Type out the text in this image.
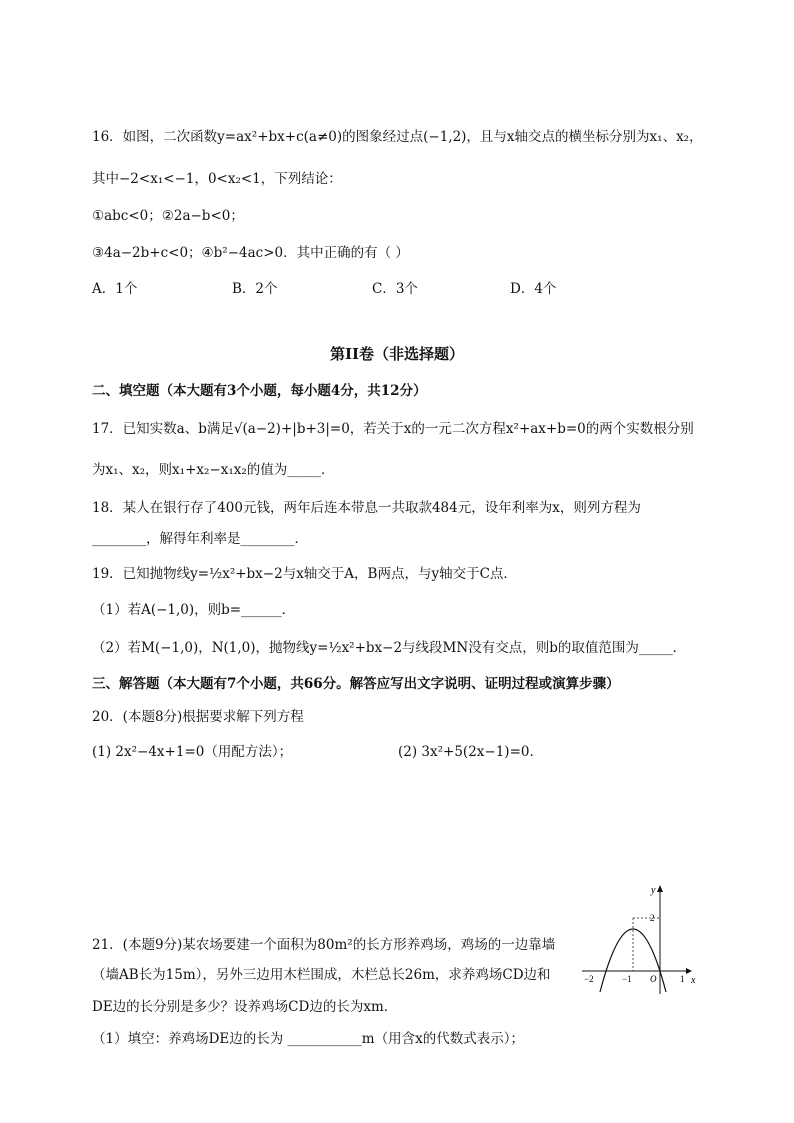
16．如图，二次函数y=ax²+bx+c(a≠0)的图象经过点(−1,2)，且与x轴交点的横坐标分别为x₁、x₂，
其中−2<x₁<−1，0<x₂<1，下列结论：
①abc<0；②2a−b<0；
③4a−2b+c<0；④b²−4ac>0．其中正确的有（ ）
A．1个	B．2个	C．3个	D．4个
第II卷（非选择题）
二、填空题（本大题有3个小题，每小题4分，共12分）
17．已知实数a、b满足√(a−2)+|b+3|=0，若关于x的一元二次方程x²+ax+b=0的两个实数根分别
为x₁、x₂，则x₁+x₂−x₁x₂的值为_____．
18．某人在银行存了400元钱，两年后连本带息一共取款484元，设年利率为x，则列方程为
________，解得年利率是________．
19．已知抛物线y=½x²+bx−2与x轴交于A，B两点，与y轴交于C点．
（1）若A(−1,0)，则b=______．
（2）若M(−1,0)，N(1,0)，抛物线y=½x²+bx−2与线段MN没有交点，则b的取值范围为_____．
三、解答题（本大题有7个小题，共66分。解答应写出文字说明、证明过程或演算步骤）
20．(本题8分)根据要求解下列方程
(1) 2x²−4x+1=0（用配方法）；	(2) 3x²+5(2x−1)=0．
21．(本题9分)某农场要建一个面积为80m²的长方形养鸡场，鸡场的一边靠墙
（墙AB长为15m），另外三边用木栏围成，木栏总长26m，求养鸡场CD边和
DE边的长分别是多少？设养鸡场CD边的长为xm．
（1）填空：养鸡场DE边的长为 ___________m（用含x的代数式表示）；
y
x
2
−2	−1 O	1
